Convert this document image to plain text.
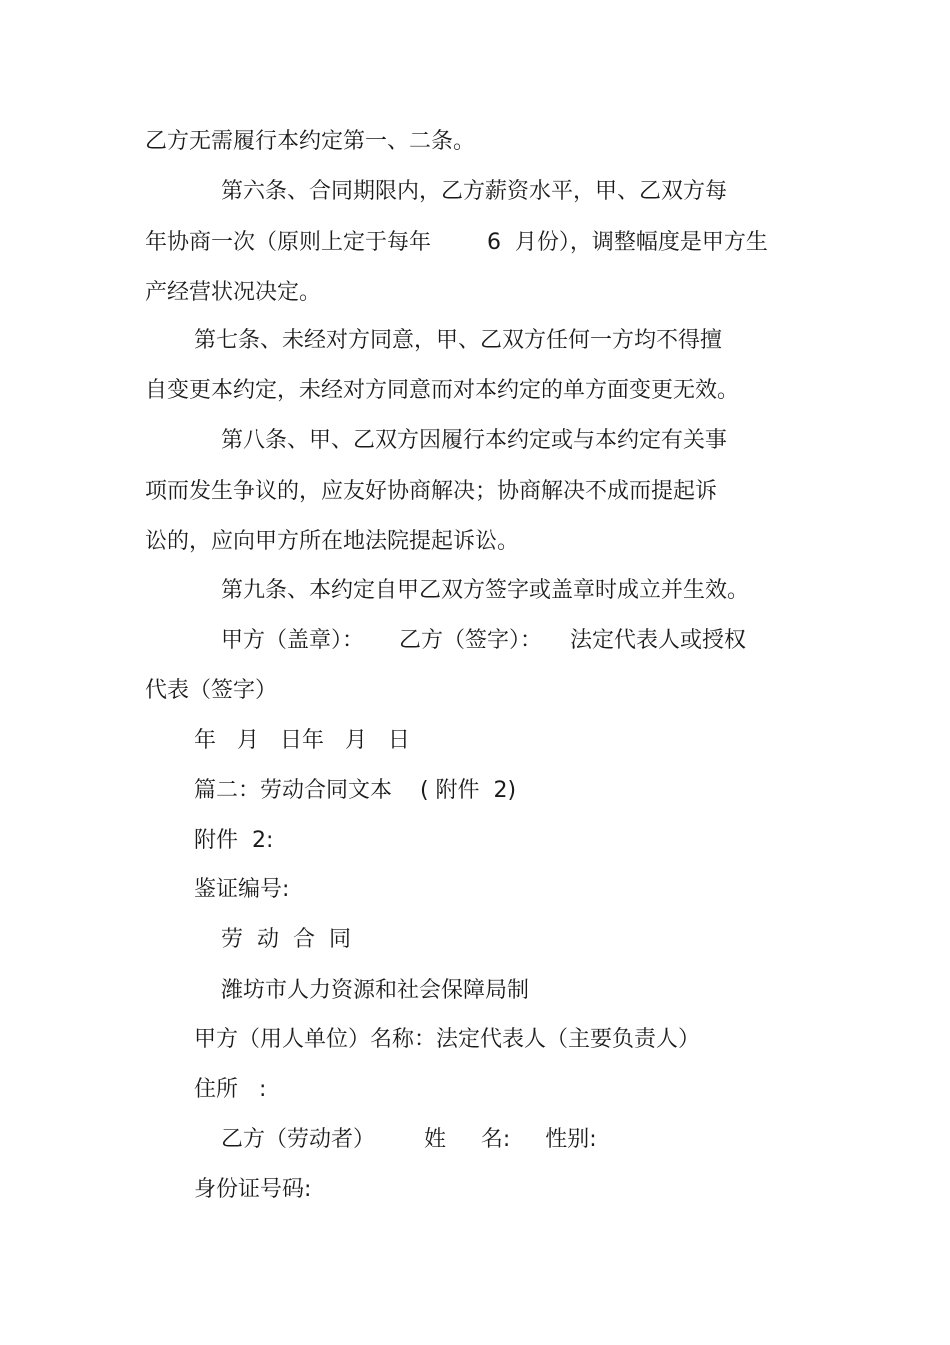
乙方无需履行本约定第一、二条。

第六条、合同期限内，乙方薪资水平，甲、乙双方每

年协商一次（原则上定于每年        6  月份），调整幅度是甲方生

产经营状况决定。

第七条、未经对方同意，甲、乙双方任何一方均不得擅

自变更本约定，未经对方同意而对本约定的单方面变更无效。

第八条、甲、乙双方因履行本约定或与本约定有关事

项而发生争议的，应友好协商解决；协商解决不成而提起诉

讼的，应向甲方所在地法院提起诉讼。

第九条、本约定自甲乙双方签字或盖章时成立并生效。

甲方（盖章）：     乙方（签字）：    法定代表人或授权

代表（签字）

年   月   日年   月   日

篇二：劳动合同文本    ( 附件  2)

附件  2:

鉴证编号:

劳  动  合  同

潍坊市人力资源和社会保障局制

甲方（用人单位）名称：法定代表人（主要负责人）

住所   :

乙方（劳动者）       姓     名:     性别:

身份证号码:
